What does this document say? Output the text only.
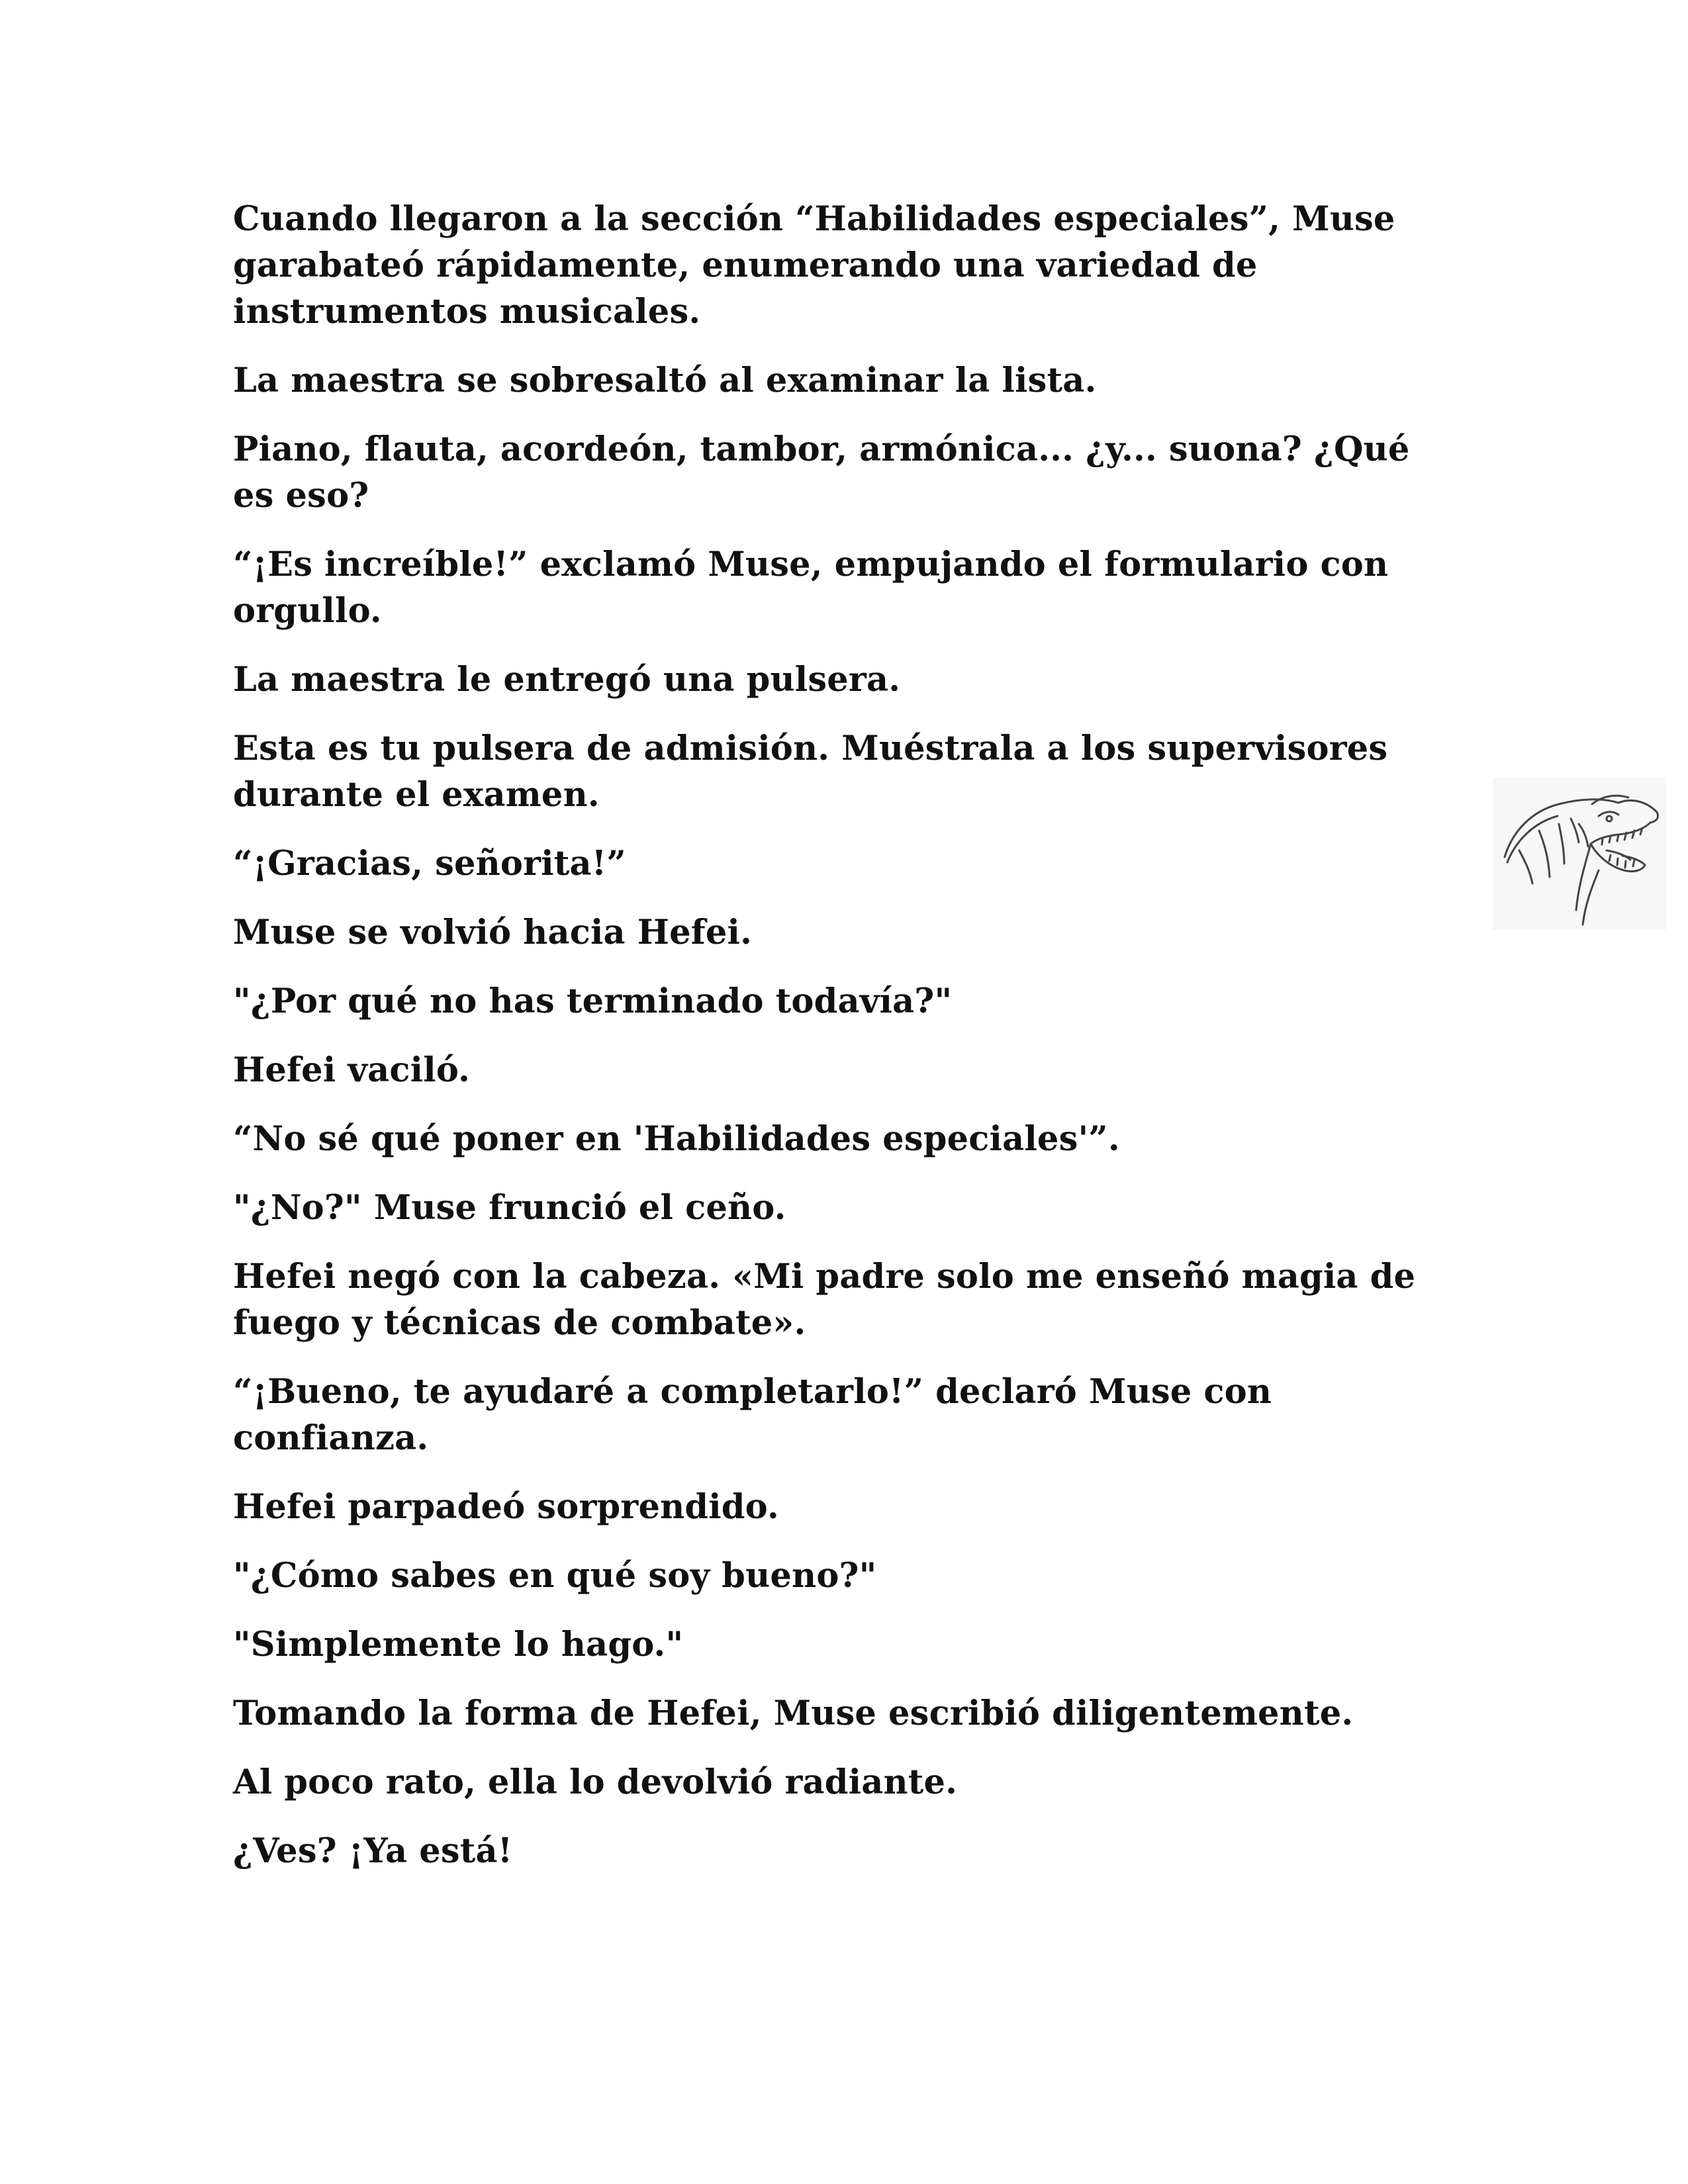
Cuando llegaron a la sección “Habilidades especiales”, Muse garabateó rápidamente, enumerando una variedad de instrumentos musicales.

La maestra se sobresaltó al examinar la lista.

Piano, flauta, acordeón, tambor, armónica... ¿y... suona? ¿Qué es eso?

“¡Es increíble!” exclamó Muse, empujando el formulario con orgullo.

La maestra le entregó una pulsera.

Esta es tu pulsera de admisión. Muéstrala a los supervisores durante el examen.

“¡Gracias, señorita!”

Muse se volvió hacia Hefei.

"¿Por qué no has terminado todavía?"

Hefei vaciló.

“No sé qué poner en 'Habilidades especiales'”.

"¿No?" Muse frunció el ceño.

Hefei negó con la cabeza. «Mi padre solo me enseñó magia de fuego y técnicas de combate».

“¡Bueno, te ayudaré a completarlo!” declaró Muse con confianza.

Hefei parpadeó sorprendido.

"¿Cómo sabes en qué soy bueno?"

"Simplemente lo hago."

Tomando la forma de Hefei, Muse escribió diligentemente.

Al poco rato, ella lo devolvió radiante.

¿Ves? ¡Ya está!
